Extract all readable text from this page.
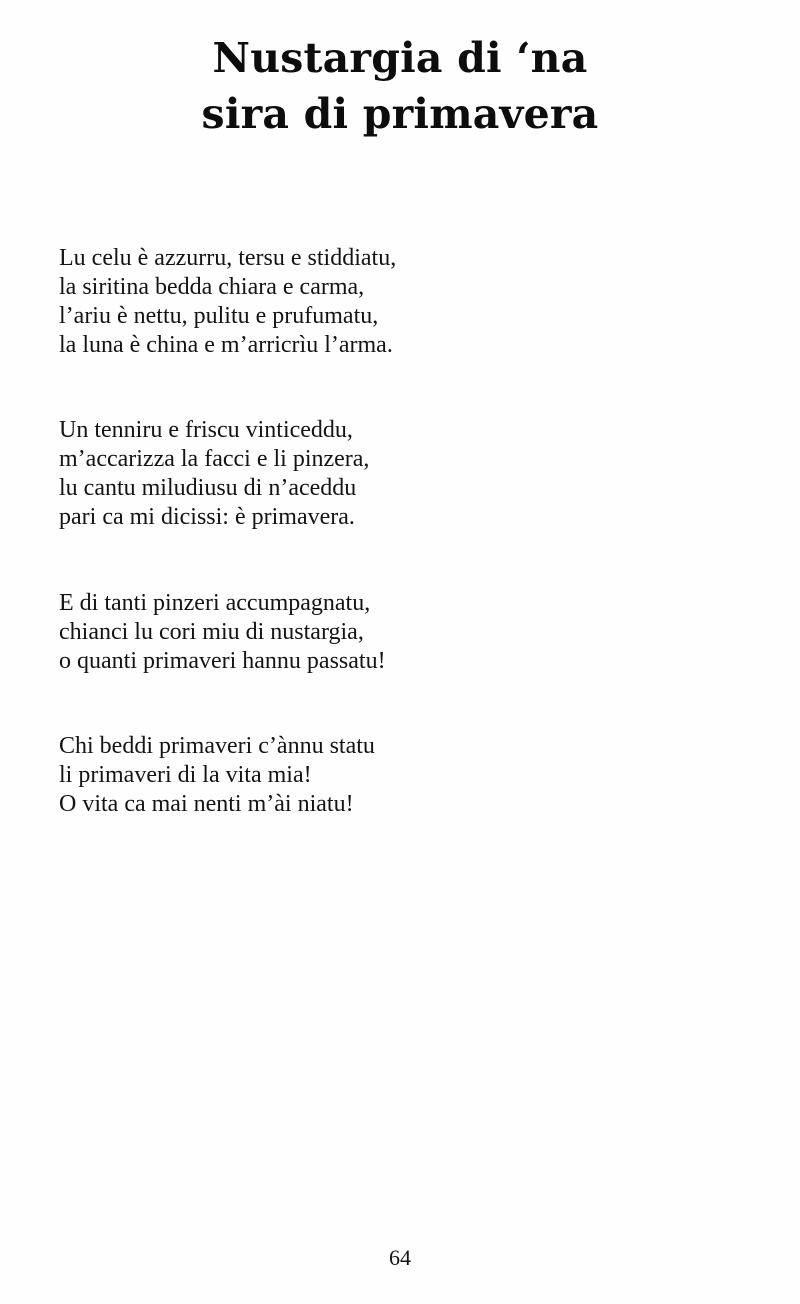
Nustargia di ‘na
sira di primavera
Lu celu è azzurru, tersu e stiddiatu,
la siritina bedda chiara e carma,
l’ariu è nettu, pulitu e prufumatu,
la luna è china e m’arricrìu l’arma.
Un tenniru e friscu vinticeddu,
m’accarizza la facci e li pinzera,
lu cantu miludiusu di n’aceddu
pari ca mi dicissi: è primavera.
E di tanti pinzeri accumpagnatu,
chianci lu cori miu di nustargia,
o quanti primaveri hannu passatu!
Chi beddi primaveri c’ànnu statu
li primaveri di la vita mia!
O vita ca mai nenti m’ài niatu!
64
